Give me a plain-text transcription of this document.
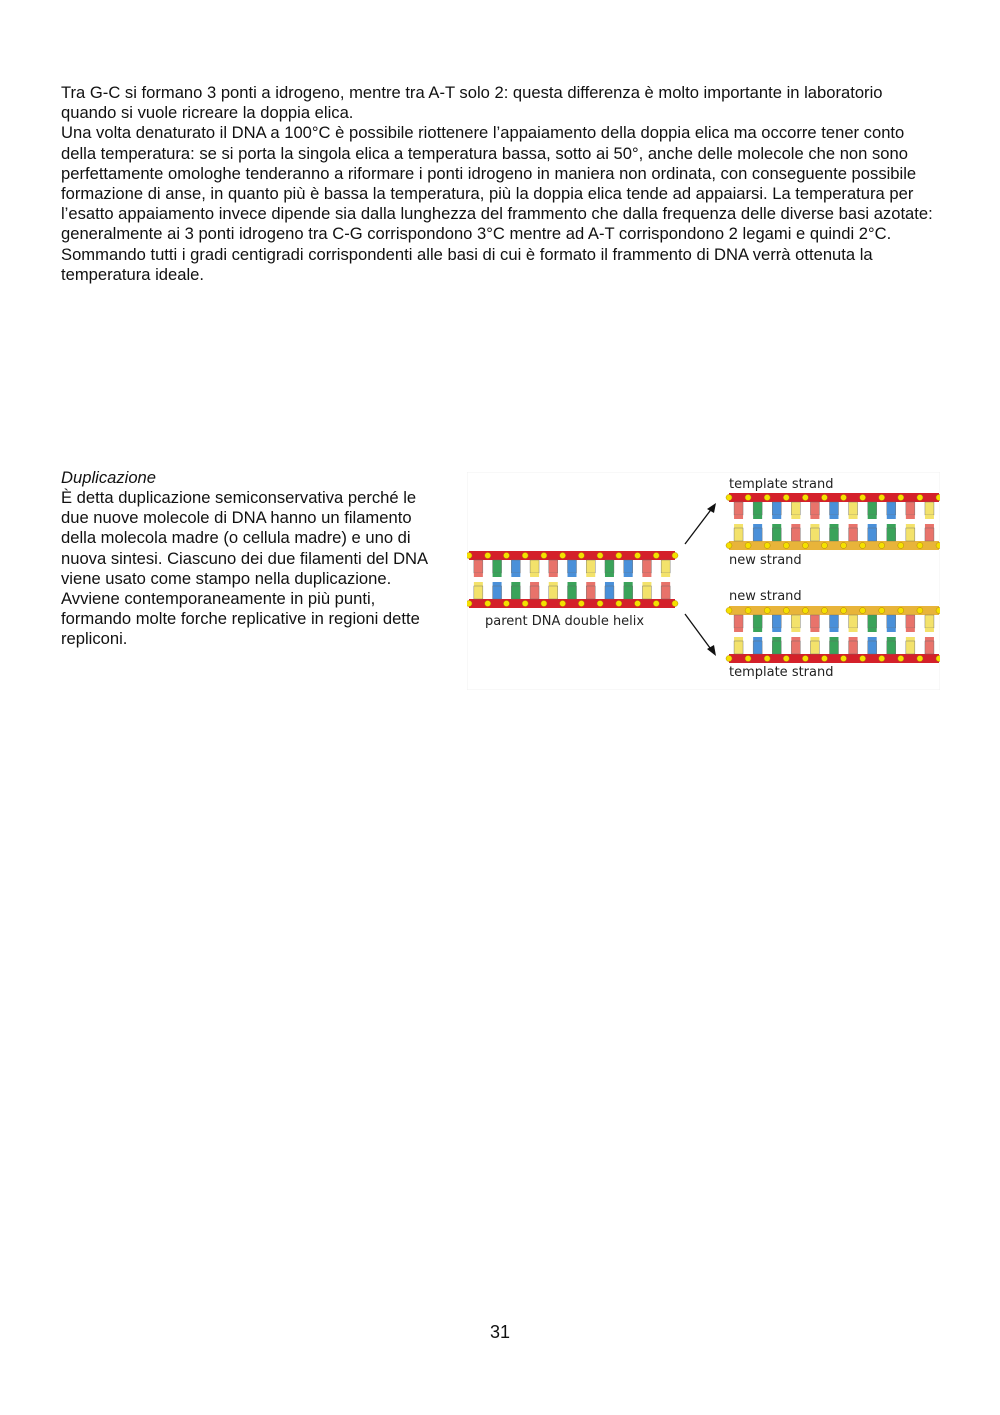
Tra G-C si formano 3 ponti a idrogeno, mentre tra A-T solo 2: questa differenza è molto importante in laboratorio quando si vuole ricreare la doppia elica.
Una volta denaturato il DNA a 100°C è possibile riottenere l’appaiamento della doppia elica ma occorre tener conto della temperatura: se si porta la singola elica a temperatura bassa, sotto ai 50°, anche delle molecole che non sono perfettamente omologhe tenderanno a riformare i ponti idrogeno in maniera non ordinata, con conseguente possibile formazione di anse, in quanto più è bassa la temperatura, più la doppia elica tende ad appaiarsi. La temperatura per l’esatto appaiamento invece dipende sia dalla lunghezza del frammento che dalla frequenza delle diverse basi azotate: generalmente ai 3 ponti idrogeno tra C-G corrispondono 3°C mentre ad A-T corrispondono 2 legami e quindi 2°C. Sommando tutti i gradi centigradi corrispondenti alle basi di cui è formato il frammento di DNA verrà ottenuta la temperatura ideale.

Duplicazione

È detta duplicazione semiconservativa perché le due nuove molecole di DNA hanno un filamento della molecola madre (o cellula madre) e uno di nuova sintesi. Ciascuno dei due filamenti del DNA viene usato come stampo nella duplicazione. Avviene contemporaneamente in più punti, formando molte forche replicative in regioni dette repliconi.

template strand
new strand
new strand
template strand
parent DNA double helix

31
